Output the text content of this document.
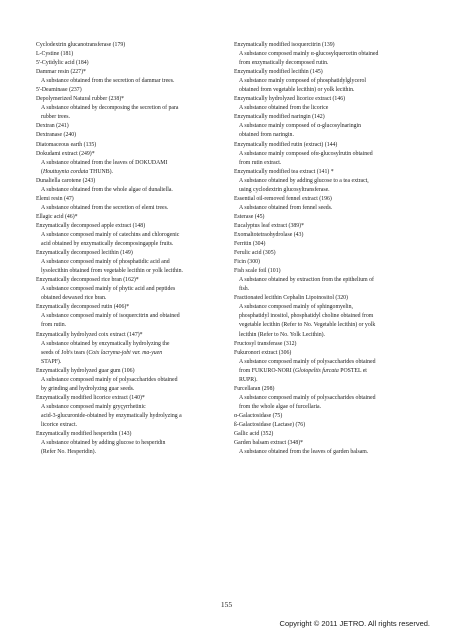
Cyclodextrin glucanotransferase (179)
L-Cystine (181)
5'-Cytidylic acid (184)
Dammar resin (227)*
A substance obtained from the secretion of dammar trees.
5'-Deaminase (237)
Depolymerized Natural rubber (238)*
A substance obtained by decomposing the secretion of para
rubber trees.
Dextran (241)
Dextranase (240)
Diatomaceous earth (135)
Dokudami extract (249)*
A substance obtained from the leaves of DOKUDAMI
(Houttuynia cordata THUNB).
Dunaliella carotene (243)
A substance obtained from the whole algae of dunaliella.
Elemi resin (47)
A substance obtained from the secretion of elemi trees.
Ellagic acid (46)*
Enzymatically decomposed apple extract (148)
A substance composed mainly of catechins and chlorogenic
acid obtained by enzymatically decomposingapple fruits.
Enzymatically decomposed lecithin (149)
A substance composed mainly of phosphatidic acid and
lysolecithin obtained from vegetable lecithin or yolk lecithin.
Enzymatically decomposed rice bran (162)*
A substance composed mainly of phytic acid and peptides
obtained dewaxed rice bran.
Enzymatically decomposed rutin (406)*
A substance composed mainly of isoquercitrin and obtained
from rutin.
Enzymatically hydrolyzed coix extract (147)*
A substance obtained by enzymatically hydrolyzing the
seeds of Job's tears (Coix lacryma-jobi var. ma-yuen
STAPF).
Enzymatically hydrolyzed guar gum (106)
A substance composed mainly of polysaccharides obtained
by grinding and hydrolyzing guar seeds.
Enzymatically modified licorice extract (140)*
A substance composed mainly gryçyrrhetinic
acid-3-glucuronide-obtained by enzymatically hydrolyzing a
licorice extract.
Enzymatically modified hesperidin (143)
A substance obtained by adding glucose to hesperidin
(Refer No. Hesperidin).
Enzymatically modified isoquercitrin (139)
A substance composed mainly α-glucosylquercetin obtained
from enzymatically decomposed rutin.
Enzymatically modified lecithin (145)
A substance mainly composed of phosphatidylglycerol
obtained from vegetable lecithin) or yolk lecithin.
Enzymatically hydrolyzed licorice extract (146)
A substance obtained from the licorice
Enzymatically modified naringin (142)
A substance mainly composed of α-glucosylnaringin
obtained from naringin.
Enzymatically modified rutin (extract) (144)
A substance mainly composed ofα-glucosylrutin obtained
from rutin extract.
Enzymatically modified tea extract (141) *
A substance obtained by adding glucose to a tea extract,
using cyclodextrin glucosyltransferase.
Essential oil-removed fennel extract (196)
A substance obtained from fennel seeds.
Esterase (45)
Eucalyptus leaf extract (389)*
Exomaltotetraohydrolase (43)
Ferritin (304)
Ferulic acid (305)
Ficin (300)
Fish scale foil (101)
A substance obtained by extraction from the epithelium of
fish.
Fractionated lecithin Cephalin Lipoinositol (320)
A substance composed mainly of sphingomyelin,
phosphatidyl inositol, phosphatidyl choline obtained from
vegetable lecithin (Refer to No. Vegetable lecithin) or yolk
lecithin (Refer to No. Yolk Lecithin).
Fructosyl transferase (312)
Fukuronori extract (306)
A substance composed mainly of polysaccharides obtained
from FUKURO-NORI (Gloiopeltis furcata POSTEL et
RUPR).
Furcellaran (298)
A substance composed mainly of polysaccharides obtained
from the whole algae of furcellaria.
α-Galactosidase (75)
ß-Galactosidase (Lactase) (76)
Gallic acid (352)
Garden balsam extract (348)*
A substance obtained from the leaves of garden balsam.
155
Copyright © 2011 JETRO. All rights reserved.
